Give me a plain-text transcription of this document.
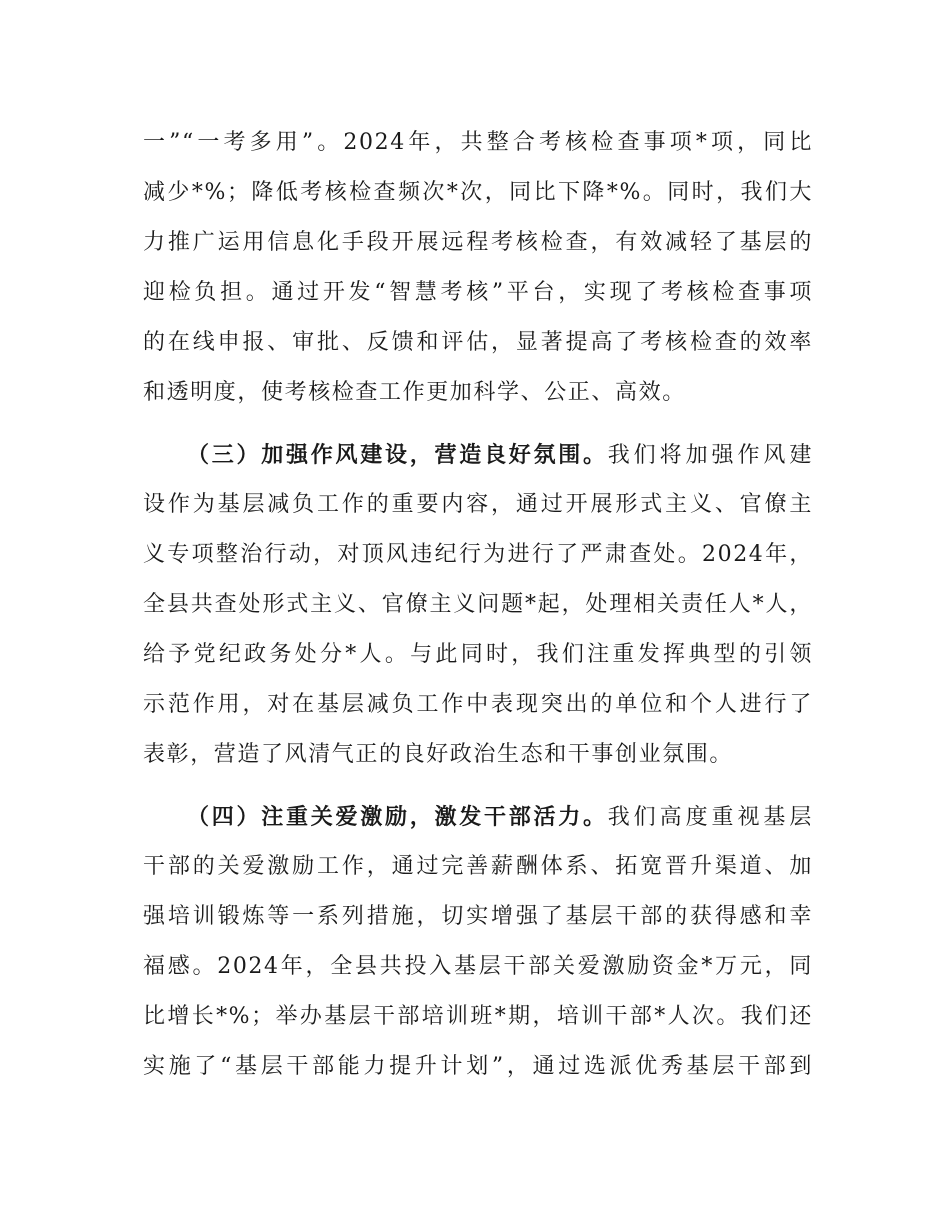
一”“一考多用”。2024年，共整合考核检查事项*项，同比
减少*%；降低考核检查频次*次，同比下降*%。同时，我们大
力推广运用信息化手段开展远程考核检查，有效减轻了基层的
迎检负担。通过开发“智慧考核”平台，实现了考核检查事项
的在线申报、审批、反馈和评估，显著提高了考核检查的效率
和透明度，使考核检查工作更加科学、公正、高效。
（三）加强作风建设，营造良好氛围。我们将加强作风建
设作为基层减负工作的重要内容，通过开展形式主义、官僚主
义专项整治行动，对顶风违纪行为进行了严肃查处。2024年，
全县共查处形式主义、官僚主义问题*起，处理相关责任人*人，
给予党纪政务处分*人。与此同时，我们注重发挥典型的引领
示范作用，对在基层减负工作中表现突出的单位和个人进行了
表彰，营造了风清气正的良好政治生态和干事创业氛围。
（四）注重关爱激励，激发干部活力。我们高度重视基层
干部的关爱激励工作，通过完善薪酬体系、拓宽晋升渠道、加
强培训锻炼等一系列措施，切实增强了基层干部的获得感和幸
福感。2024年，全县共投入基层干部关爱激励资金*万元，同
比增长*%；举办基层干部培训班*期，培训干部*人次。我们还
实施了“基层干部能力提升计划”，通过选派优秀基层干部到
